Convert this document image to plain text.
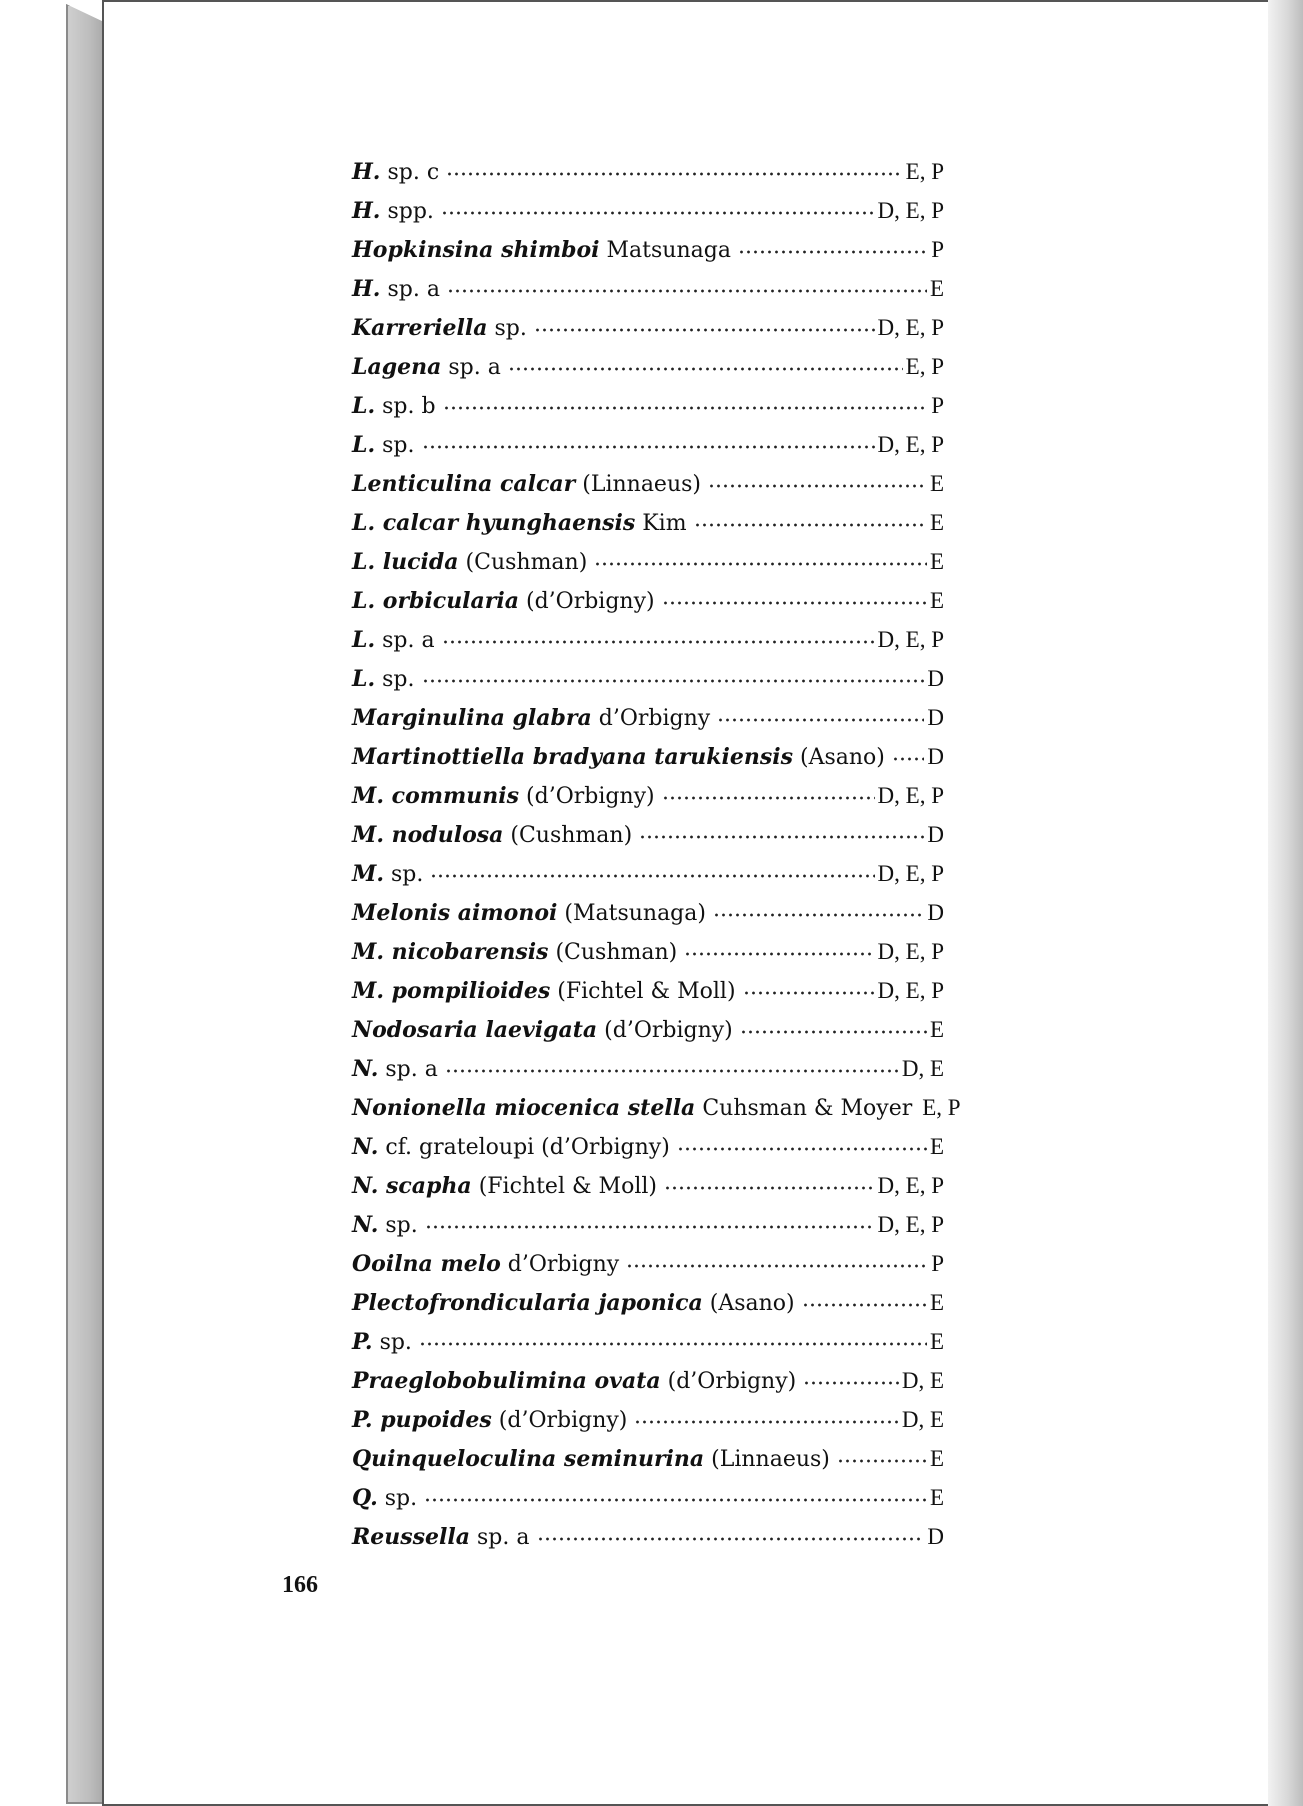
H. sp. c	E, P
H. spp.	D, E, P
Hopkinsina shimboi Matsunaga	P
H. sp. a	E
Karreriella sp.	D, E, P
Lagena sp. a	E, P
L. sp. b	P
L. sp.	D, E, P
Lenticulina calcar (Linnaeus)	E
L. calcar hyunghaensis Kim	E
L. lucida (Cushman)	E
L. orbicularia (d’Orbigny)	E
L. sp. a	D, E, P
L. sp.	D
Marginulina glabra d’Orbigny	D
Martinottiella bradyana tarukiensis (Asano) D
M. communis (d’Orbigny)	D, E, P
M. nodulosa (Cushman)	D
M. sp.	D, E, P
Melonis aimonoi (Matsunaga)	D
M. nicobarensis (Cushman)	D, E, P
M. pompilioides (Fichtel & Moll)	D, E, P
Nodosaria laevigata (d’Orbigny)	E
N. sp. a	D, E
Nonionella miocenica stella Cuhsman & Moyer E, P
N. cf. grateloupi (d’Orbigny)	E
N. scapha (Fichtel & Moll)	D, E, P
N. sp.	D, E, P
Ooilna melo d’Orbigny	P
Plectofrondicularia japonica (Asano)	E
P. sp.	E
Praeglobobulimina ovata (d’Orbigny)	D, E
P. pupoides (d’Orbigny)	D, E
Quinqueloculina seminurina (Linnaeus)	E
Q. sp.	E
Reussella sp. a	D
166
